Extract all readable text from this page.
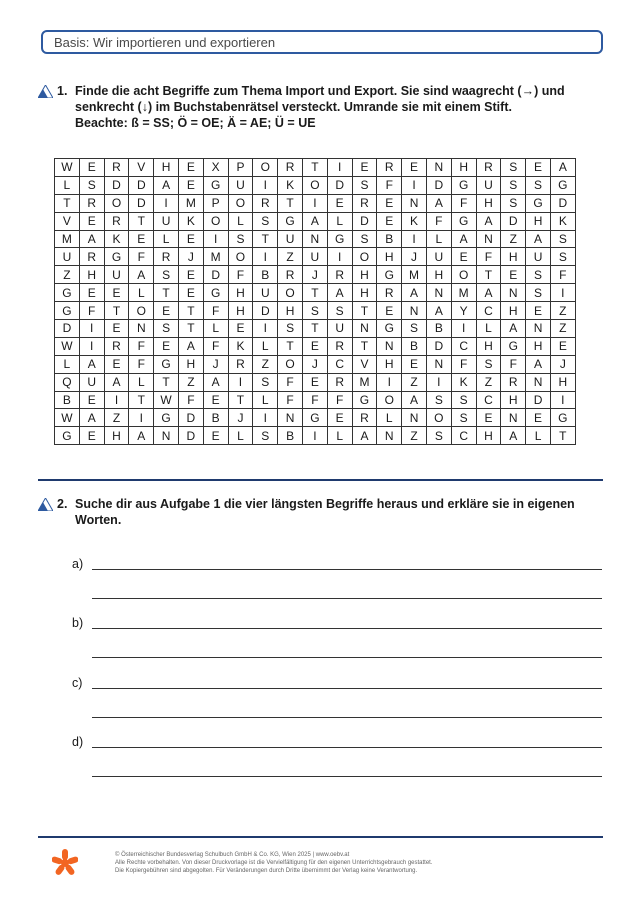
Basis: Wir importieren und exportieren
1. Finde die acht Begriffe zum Thema Import und Export. Sie sind waagrecht (→) und
senkrecht (↓) im Buchstabenrätsel versteckt. Umrande sie mit einem Stift.
Beachte: ß = SS; Ö = OE; Ä = AE; Ü = UE
W	E	R	V	H	E	X	P	O	R	T	I	E	R	E	N	H	R	S	E	A
L	S	D	D	A	E	G	U	I	K	O	D	S	F	I	D	G	U	S	S	G
T	R	O	D	I	M	P	O	R	T	I	E	R	E	N	A	F	H	S	G	D
V	E	R	T	U	K	O	L	S	G	A	L	D	E	K	F	G	A	D	H	K
M	A	K	E	L	E	I	S	T	U	N	G	S	B	I	L	A	N	Z	A	S
U	R	G	F	R	J	M	O	I	Z	U	I	O	H	J	U	E	F	H	U	S
Z	H	U	A	S	E	D	F	B	R	J	R	H	G	M	H	O	T	E	S	F
G	E	E	L	T	E	G	H	U	O	T	A	H	R	A	N	M	A	N	S	I
G	F	T	O	E	T	F	H	D	H	S	S	T	E	N	A	Y	C	H	E	Z
D	I	E	N	S	T	L	E	I	S	T	U	N	G	S	B	I	L	A	N	Z
W	I	R	F	E	A	F	K	L	T	E	R	T	N	B	D	C	H	G	H	E
L	A	E	F	G	H	J	R	Z	O	J	C	V	H	E	N	F	S	F	A	J
Q	U	A	L	T	Z	A	I	S	F	E	R	M	I	Z	I	K	Z	R	N	H
B	E	I	T	W	F	E	T	L	F	F	F	G	O	A	S	S	C	H	D	I
W	A	Z	I	G	D	B	J	I	N	G	E	R	L	N	O	S	E	N	E	G
G	E	H	A	N	D	E	L	S	B	I	L	A	N	Z	S	C	H	A	L	T
2. Suche dir aus Aufgabe 1 die vier längsten Begriffe heraus und erkläre sie in eigenen
Worten.
a)
b)
c)
d)
© Österreichischer Bundesverlag Schulbuch GmbH & Co. KG, Wien 2025 | www.oebv.at
Alle Rechte vorbehalten. Von dieser Druckvorlage ist die Vervielfältigung für den eigenen Unterrichtsgebrauch gestattet.
Die Kopiergebühren sind abgegolten. Für Veränderungen durch Dritte übernimmt der Verlag keine Verantwortung.
